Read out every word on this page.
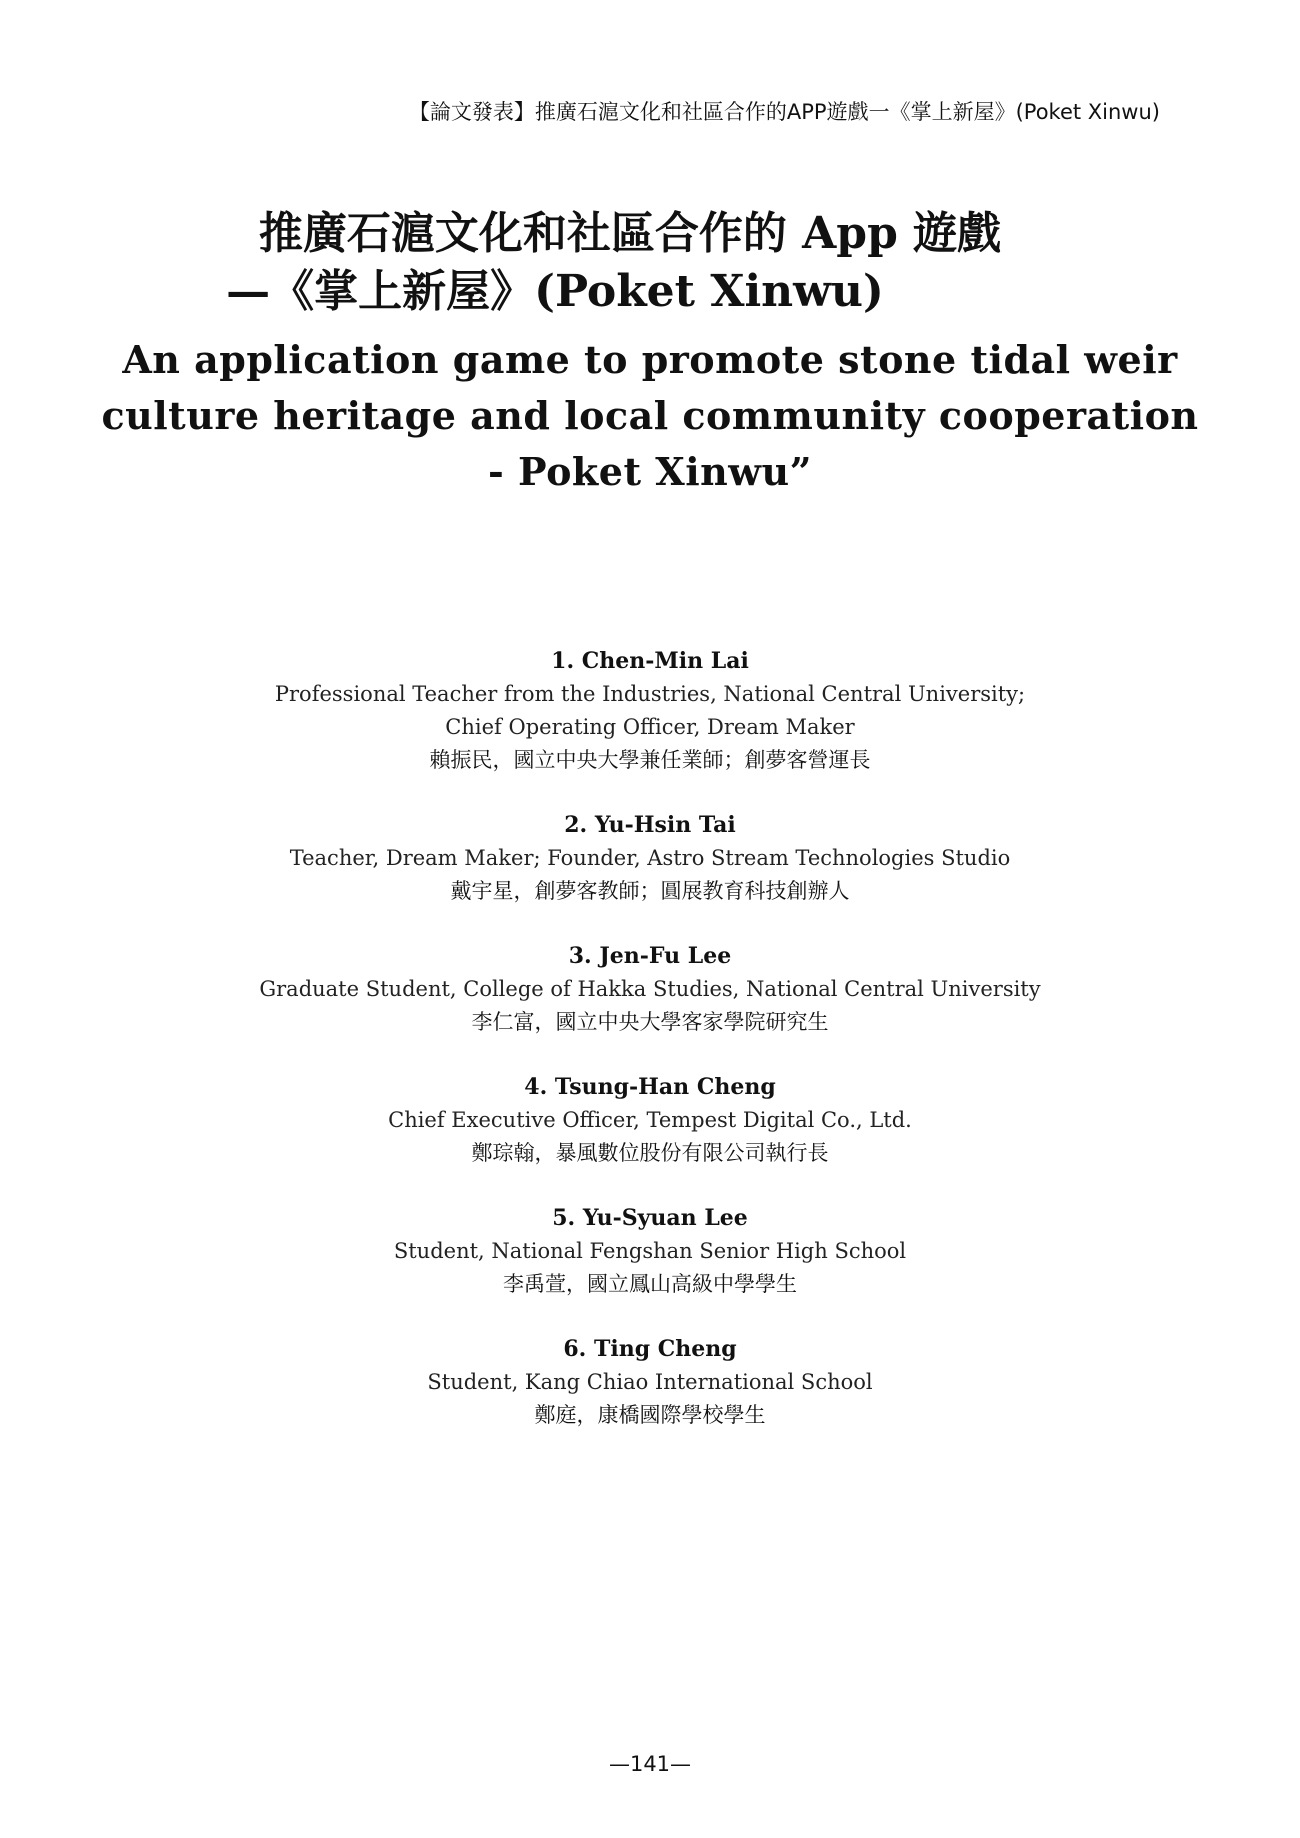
【論文發表】推廣石滬文化和社區合作的APP遊戲一《掌上新屋》(Poket Xinwu)
推廣石滬文化和社區合作的 App 遊戲
—《掌上新屋》(Poket Xinwu)
An application game to promote stone tidal weir
culture heritage and local community cooperation
- Poket Xinwu”
1. Chen-Min Lai
Professional Teacher from the Industries, National Central University;
Chief Operating Officer, Dream Maker
賴振民，國立中央大學兼任業師；創夢客營運長
2. Yu-Hsin Tai
Teacher, Dream Maker; Founder, Astro Stream Technologies Studio
戴宇星，創夢客教師；圓展教育科技創辦人
3. Jen-Fu Lee
Graduate Student, College of Hakka Studies, National Central University
李仁富，國立中央大學客家學院研究生
4. Tsung-Han Cheng
Chief Executive Officer, Tempest Digital Co., Ltd.
鄭琮翰，暴風數位股份有限公司執行長
5. Yu-Syuan Lee
Student, National Fengshan Senior High School
李禹萱，國立鳳山高級中學學生
6. Ting Cheng
Student, Kang Chiao International School
鄭庭，康橋國際學校學生
—141—
